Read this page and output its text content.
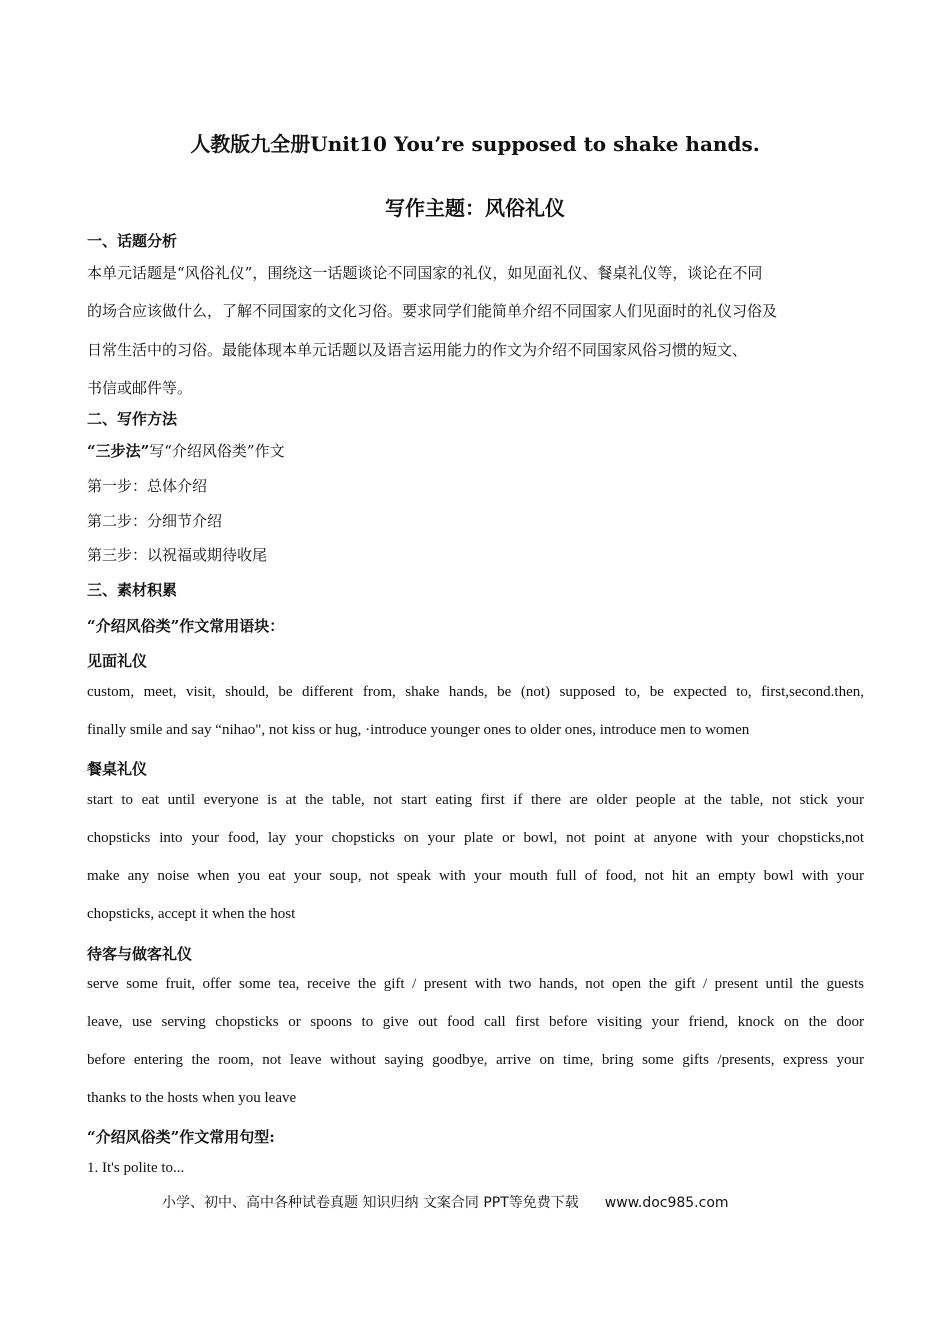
人教版九全册Unit10 You’re supposed to shake hands.

写作主题：风俗礼仪

一、话题分析

本单元话题是“风俗礼仪”，围绕这一话题谈论不同国家的礼仪，如见面礼仪、餐桌礼仪等，谈论在不同

的场合应该做什么，了解不同国家的文化习俗。要求同学们能简单介绍不同国家人们见面时的礼仪习俗及

日常生活中的习俗。最能体现本单元话题以及语言运用能力的作文为介绍不同国家风俗习惯的短文、

书信或邮件等。

二、写作方法

“三步法”写“介绍风俗类”作文

第一步：总体介绍

第二步：分细节介绍

第三步：以祝福或期待收尾

三、素材积累

“介绍风俗类”作文常用语块：

见面礼仪

custom, meet, visit, should, be different from, shake hands, be (not) supposed to, be expected to, first,second.then,

finally smile and say “nihao", not kiss or hug, ·introduce younger ones to older ones, introduce men to women

餐桌礼仪

start to eat until everyone is at the table, not start eating first if there are older people at the table, not stick your

chopsticks into your food, lay your chopsticks on your plate or bowl, not point at anyone with your chopsticks,not

make any noise when you eat your soup, not speak with your mouth full of food, not hit an empty bowl with your

chopsticks, accept it when the host

待客与做客礼仪

serve some fruit, offer some tea, receive the gift / present with two hands, not open the gift / present until the guests

leave, use serving chopsticks or spoons to give out food call first before visiting your friend, knock on the door

before entering the room, not leave without saying goodbye, arrive on time, bring some gifts /presents, express your

thanks to the hosts when you leave

“介绍风俗类”作文常用句型:

1. It's polite to...

小学、初中、高中各种试卷真题 知识归纳 文案合同 PPT等免费下载 www.doc985.com
